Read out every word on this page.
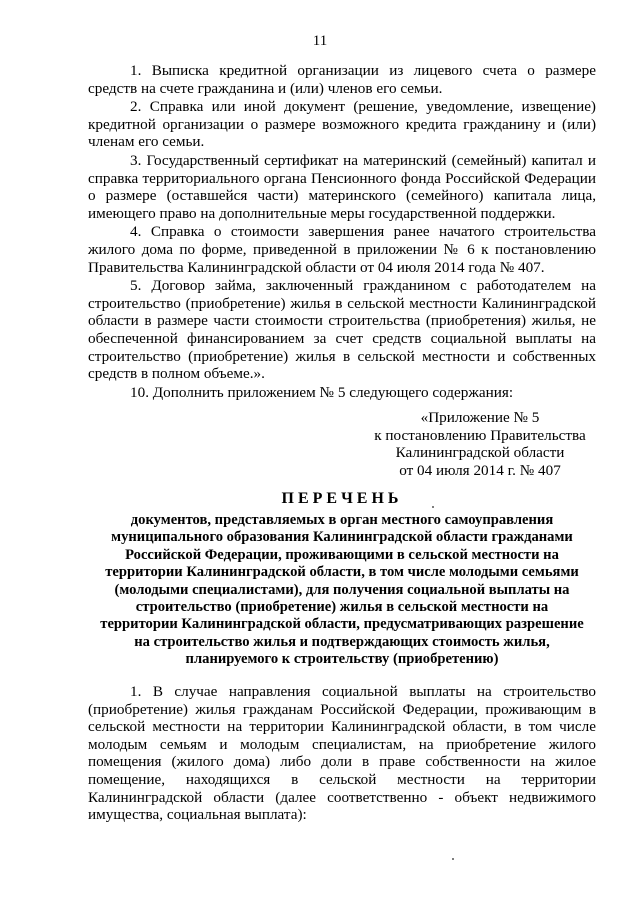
11

1. Выписка кредитной организации из лицевого счета о размере средств на счете гражданина и (или) членов его семьи.

2. Справка или иной документ (решение, уведомление, извещение) кредитной организации о размере возможного кредита гражданину и (или) членам его семьи.

3. Государственный сертификат на материнский (семейный) капитал и справка территориального органа Пенсионного фонда Российской Федерации о размере (оставшейся части) материнского (семейного) капитала лица, имеющего право на дополнительные меры государственной поддержки.

4. Справка о стоимости завершения ранее начатого строительства жилого дома по форме, приведенной в приложении № 6 к постановлению Правительства Калининградской области от 04 июля 2014 года № 407.

5. Договор займа, заключенный гражданином с работодателем на строительство (приобретение) жилья в сельской местности Калининградской области в размере части стоимости строительства (приобретения) жилья, не обеспеченной финансированием за счет средств социальной выплаты на строительство (приобретение) жилья в сельской местности и собственных средств в полном объеме.».

10. Дополнить приложением № 5 следующего содержания:

«Приложение № 5
к постановлению Правительства
Калининградской области
от 04 июля 2014 г. № 407
ПЕРЕЧЕНЬ
документов, представляемых в орган местного самоуправления
муниципального образования Калининградской области гражданами
Российской Федерации, проживающими в сельской местности на
территории Калининградской области, в том числе молодыми семьями
(молодыми специалистами), для получения социальной выплаты на
строительство (приобретение) жилья в сельской местности на
территории Калининградской области, предусматривающих разрешение
на строительство жилья и подтверждающих стоимость жилья,
планируемого к строительству (приобретению)

1. В случае направления социальной выплаты на строительство (приобретение) жилья гражданам Российской Федерации, проживающим в сельской местности на территории Калининградской области, в том числе молодым семьям и молодым специалистам, на приобретение жилого помещения (жилого дома) либо доли в праве собственности на жилое помещение, находящихся в сельской местности на территории Калининградской области (далее соответственно - объект недвижимого имущества, социальная выплата):
